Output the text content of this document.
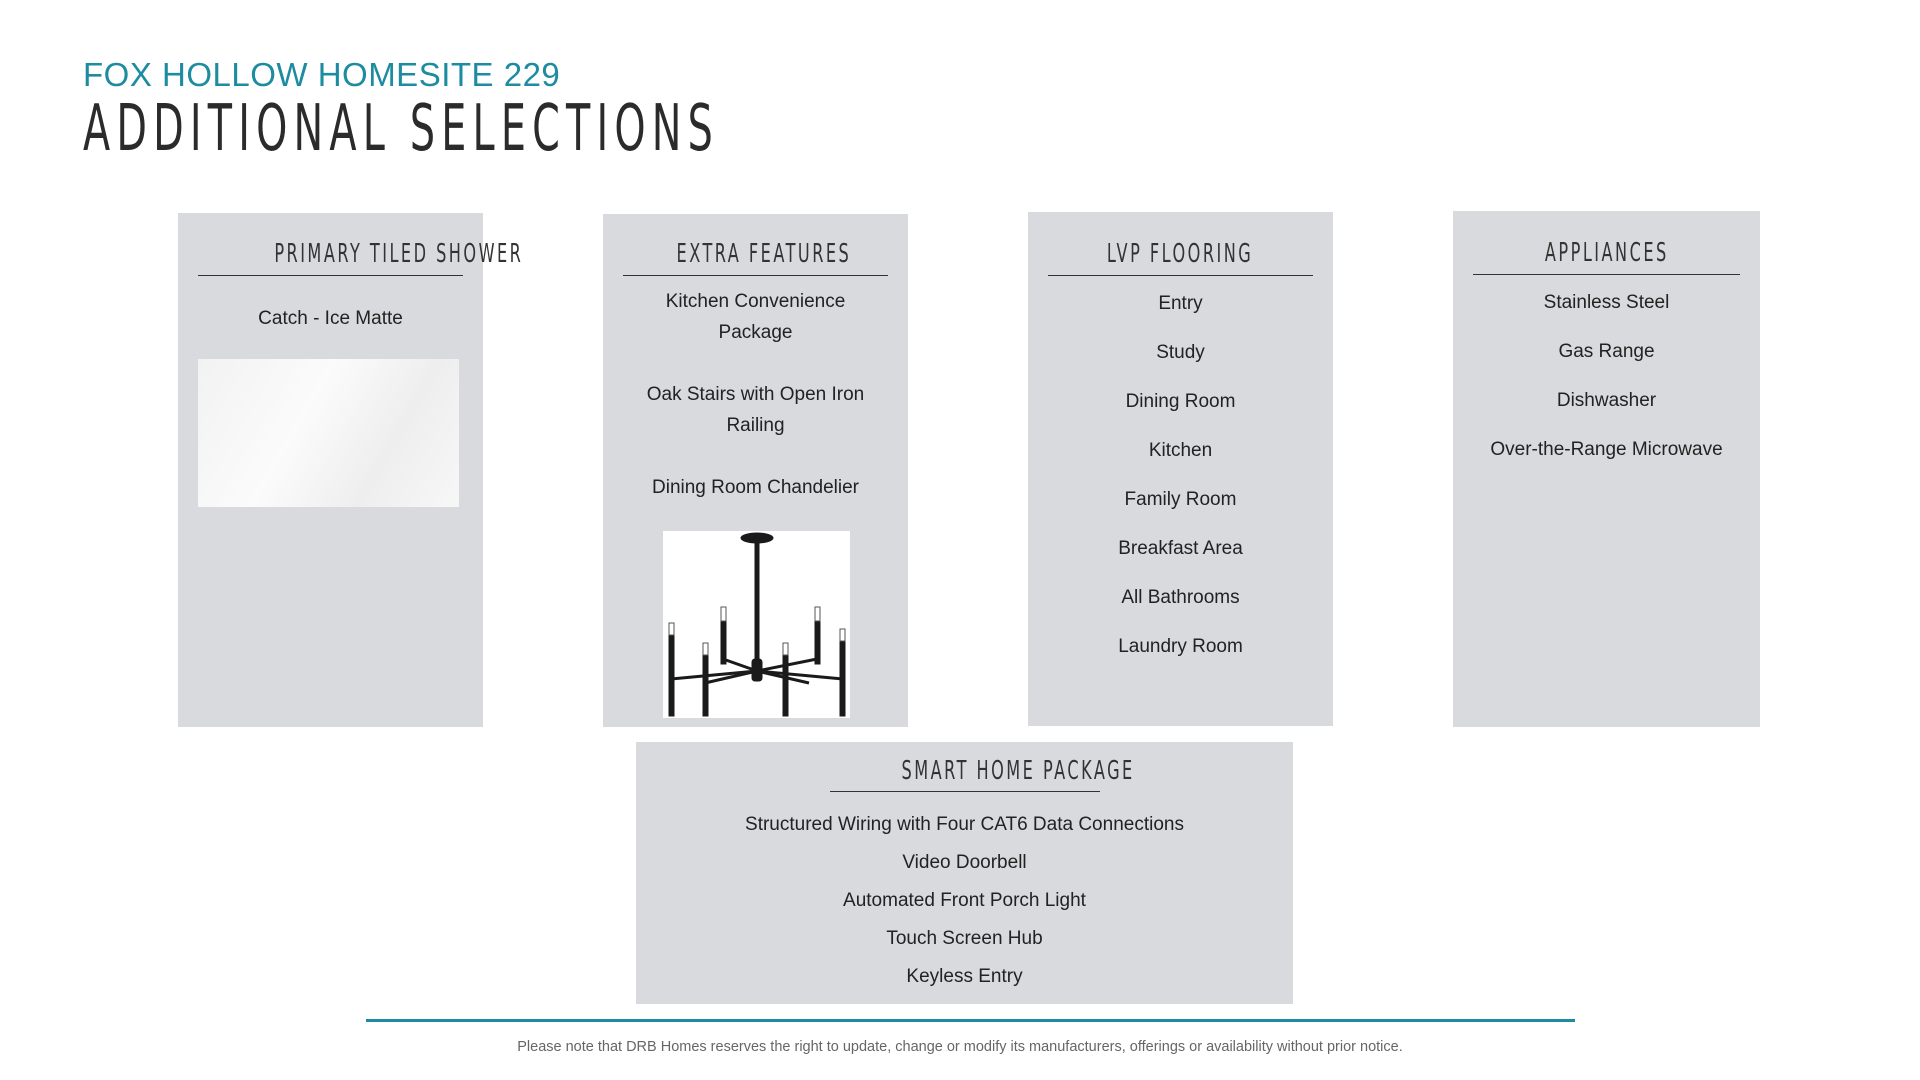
FOX HOLLOW HOMESITE 229
ADDITIONAL SELECTIONS
PRIMARY TILED SHOWER
Catch - Ice Matte
EXTRA FEATURES
Kitchen Convenience Package
Oak Stairs with Open Iron Railing
Dining Room Chandelier
LVP FLOORING
Entry
Study
Dining Room
Kitchen
Family Room
Breakfast Area
All Bathrooms
Laundry Room
APPLIANCES
Stainless Steel
Gas Range
Dishwasher
Over-the-Range Microwave
SMART HOME PACKAGE
Structured Wiring with Four CAT6 Data Connections
Video Doorbell
Automated Front Porch Light
Touch Screen Hub
Keyless Entry
Please note that DRB Homes reserves the right to update, change or modify its manufacturers, offerings or availability without prior notice.
